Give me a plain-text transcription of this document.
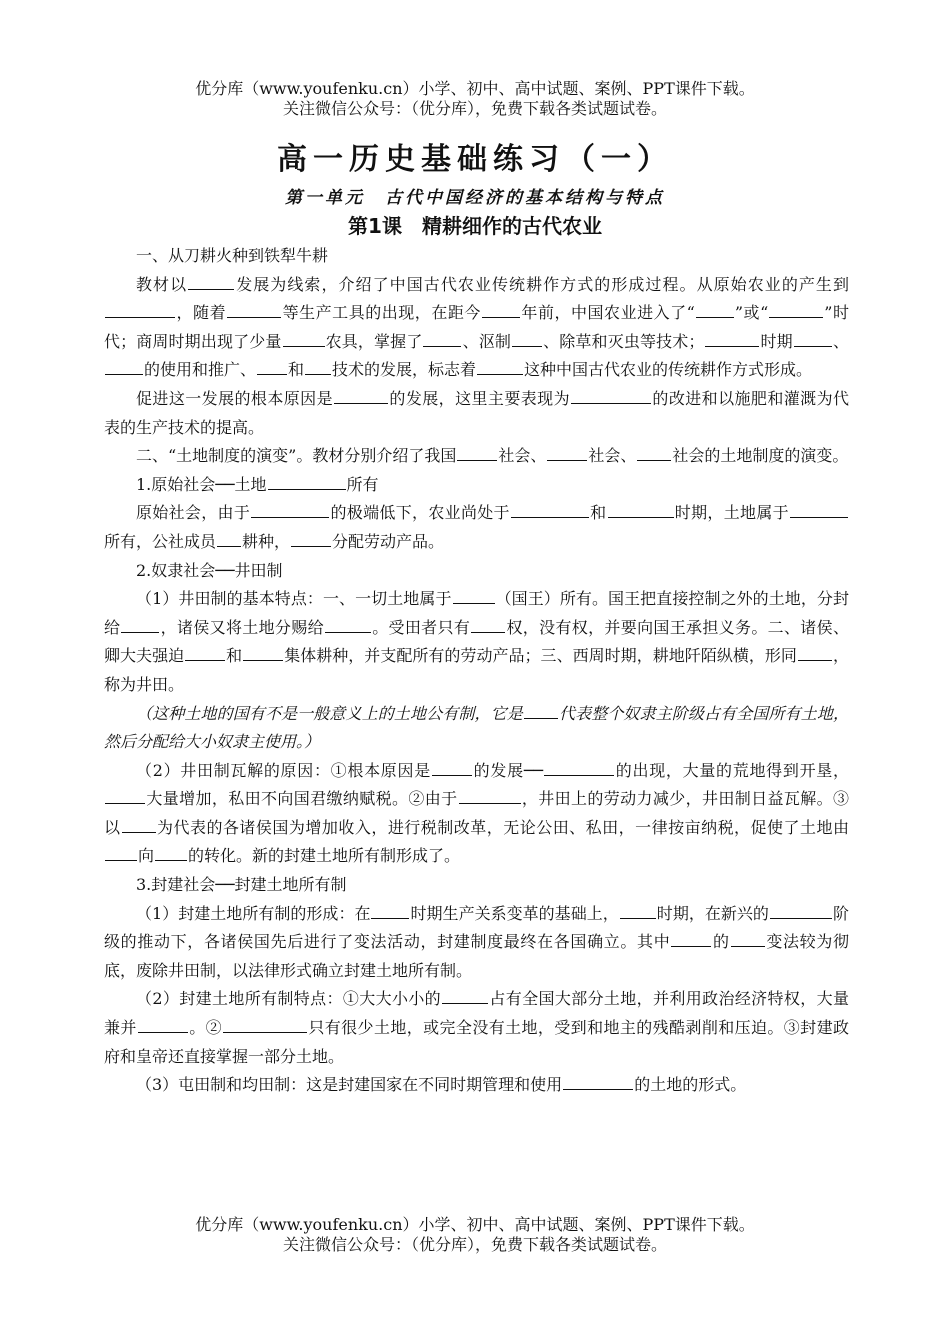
优分库（www.youfenku.cn）小学、初中、高中试题、案例、PPT课件下载。
关注微信公众号：（优分库），免费下载各类试题试卷。
高一历史基础练习（一）
第一单元　古代中国经济的基本结构与特点
第1课　精耕细作的古代农业

一、从刀耕火种到铁犁牛耕

教材以	发展为线索，介绍了中国古代农业传统耕作方式的形成过程。从原始农业的产生到，随着	等生产工具的出现，在距今	年前，中国农业进入了“	”或“	”时代；商周时期出现了少量	农具，掌握了	、沤制 、除草和灭虫等技术；	时期	、的使用和推广、 和 技术的发展，标志着	这种中国古代农业的传统耕作方式形成。

促进这一发展的根本原因是	的发展，这里主要表现为	的改进和以施肥和灌溉为代表的生产技术的提高。

二、“土地制度的演变”。教材分别介绍了我国	社会、	社会、 社会的土地制度的演变。

1.原始社会──土地	所有

原始社会，由于	的极端低下，农业尚处于	和	时期，土地属于所有，公社成员 耕种，	分配劳动产品。

2.奴隶社会──井田制

（1）井田制的基本特点：一、一切土地属于	（国王）所有。国王把直接控制之外的土地，分封给	，诸侯又将土地分赐给	。受田者只有 权，没有权，并要向国王承担义务。二、诸侯、卿大夫强迫	和	集体耕种，并支配所有的劳动产品；三、西周时期，耕地阡陌纵横，形同 ，称为井田。

（这种土地的国有不是一般意义上的土地公有制，它是 代表整个奴隶主阶级占有全国所有土地，然后分配给大小奴隶主使用。）

（2）井田制瓦解的原因：①根本原因是	的发展──	的出现，大量的荒地得到开垦，大量增加，私田不向国君缴纳赋税。②由于	，井田上的劳动力减少，井田制日益瓦解。③以 为代表的各诸侯国为增加收入，进行税制改革，无论公田、私田，一律按亩纳税，促使了土地由向 的转化。新的封建土地所有制形成了。

3.封建社会──封建土地所有制

（1）封建土地所有制的形成：在	时期生产关系变革的基础上， 时期，在新兴的	阶级的推动下，各诸侯国先后进行了变法活动，封建制度最终在各国确立。其中	的 变法较为彻底，废除井田制，以法律形式确立封建土地所有制。

（2）封建土地所有制特点：①大大小小的	占有全国大部分土地，并利用政治经济特权，大量兼并	。②	只有很少土地，或完全没有土地，受到和地主的残酷剥削和压迫。③封建政府和皇帝还直接掌握一部分土地。

（3）屯田制和均田制：这是封建国家在不同时期管理和使用	的土地的形式。

优分库（www.youfenku.cn）小学、初中、高中试题、案例、PPT课件下载。
关注微信公众号：（优分库），免费下载各类试题试卷。
